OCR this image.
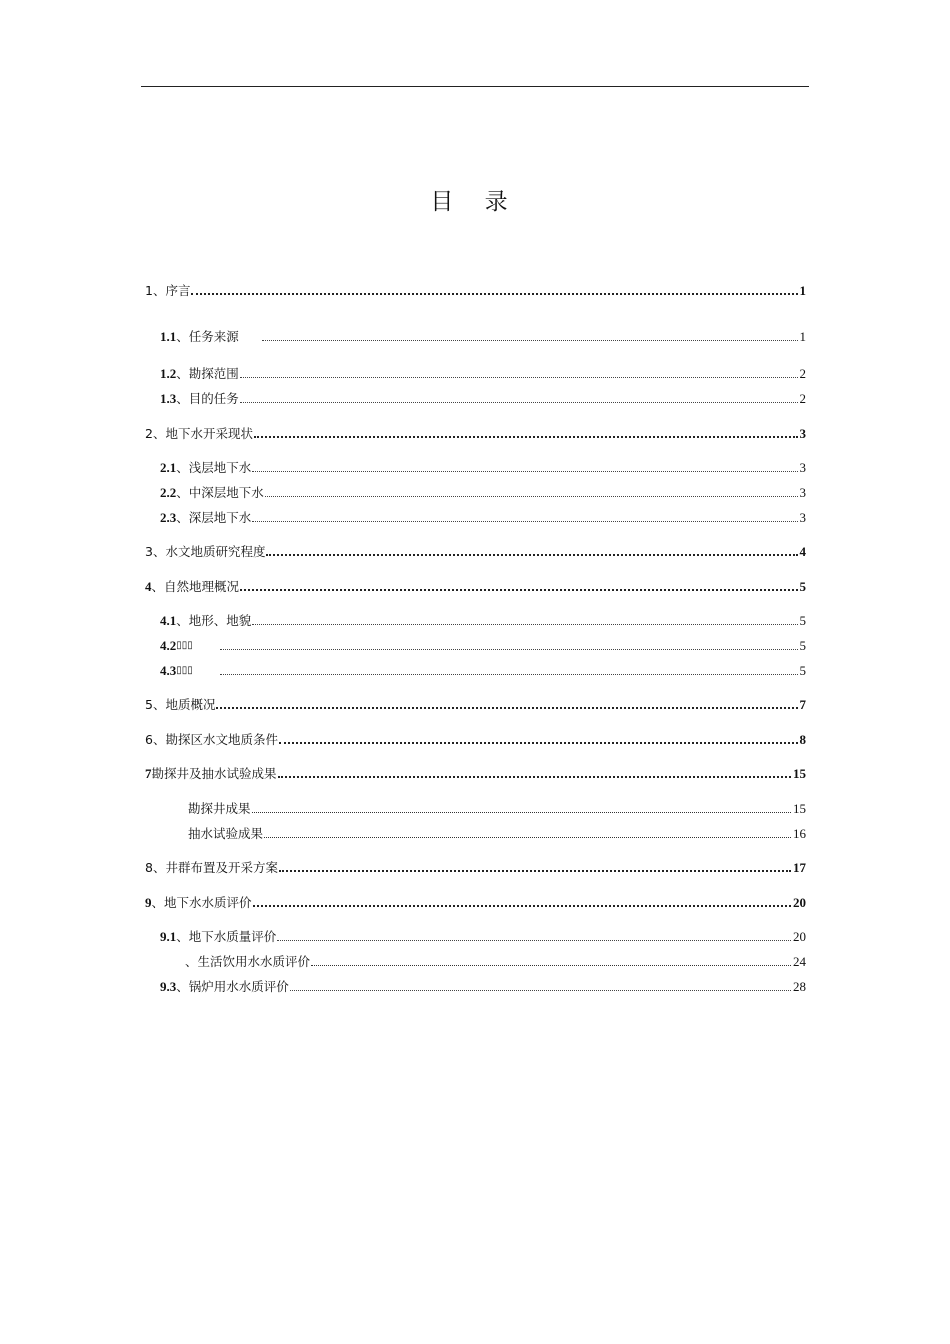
目 录
1、序言	1
1.1 、任务来源	1
1.2 、勘探范围	2
1.3 、目的任务	2
2、地下水开采现状	3
2.1 、浅层地下水	3
2.2 、中深层地下水	3
2.3 、深层地下水	3
3、水文地质研究程度	4
4 、自然地理概况	5
4.1 、地形、地貌	5
4.2 ▯▯▯	5
4.3 ▯▯▯	5
5、地质概况	7
6、勘探区水文地质条件	8
7 勘探井及抽水试验成果	15
勘探井成果	15
抽水试验成果	16
8、井群布置及开采方案	17
9 、地下水水质评价	20
9.1 、地下水质量评价	20
、生活饮用水水质评价	24
9.3 、锅炉用水水质评价	28
